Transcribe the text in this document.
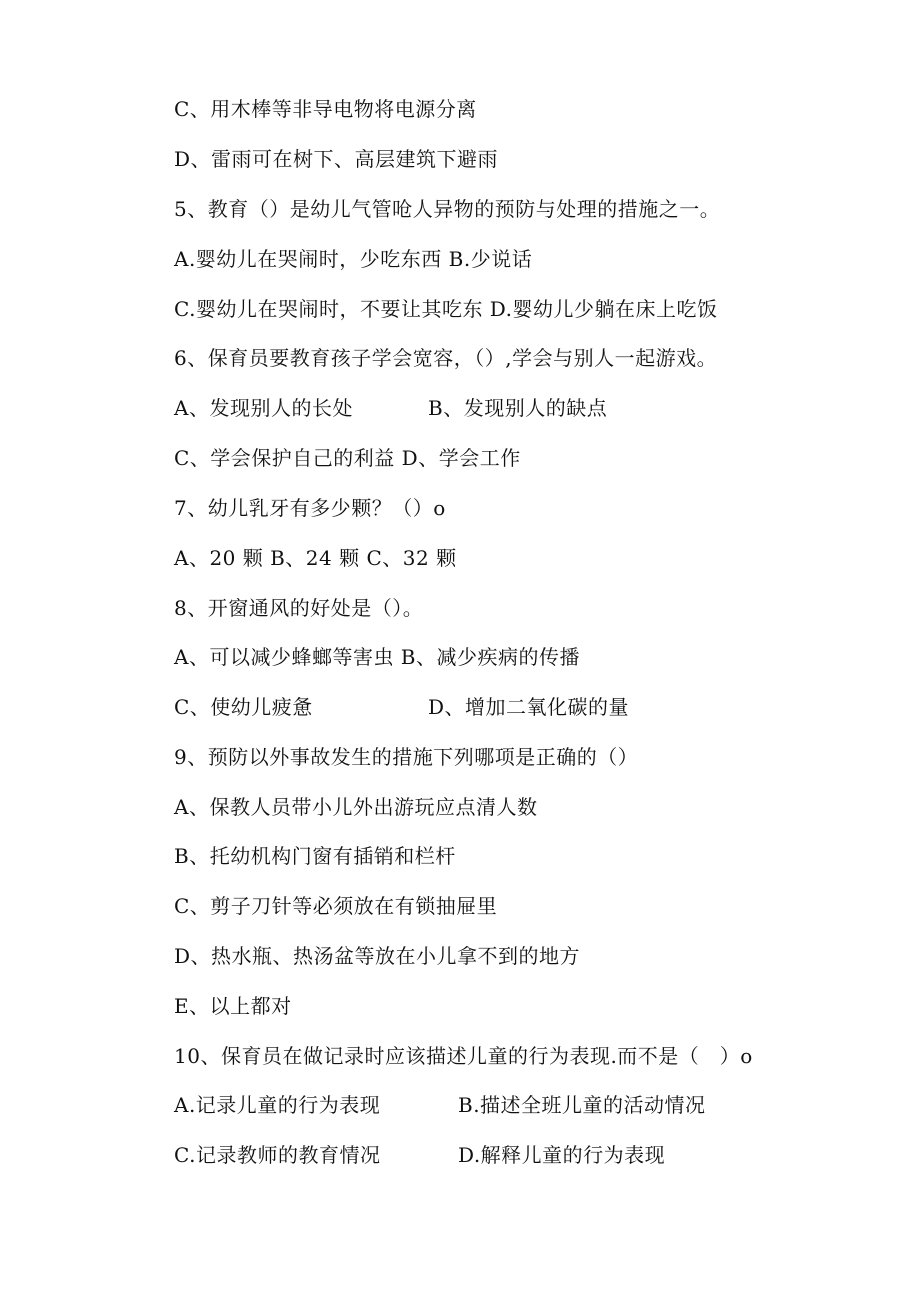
C、用木棒等非导电物将电源分离
D、雷雨可在树下、高层建筑下避雨
5、教育（）是幼儿气管呛人异物的预防与处理的措施之一。
A.婴幼儿在哭闹时，少吃东西 B.少说话
C.婴幼儿在哭闹时，不要让其吃东 D.婴幼儿少躺在床上吃饭
6、保育员要教育孩子学会宽容，（）,学会与别人一起游戏。
A、发现别人的长处	B、发现别人的缺点
C、学会保护自己的利益 D、学会工作
7、幼儿乳牙有多少颗？（）o
A、20 颗 B、24 颗 C、32 颗
8、开窗通风的好处是（）。
A、可以减少蜂螂等害虫 B、减少疾病的传播
C、使幼儿疲惫	D、增加二氧化碳的量
9、预防以外事故发生的措施下列哪项是正确的（）
A、保教人员带小儿外出游玩应点清人数
B、托幼机构门窗有插销和栏杆
C、剪子刀针等必须放在有锁抽屉里
D、热水瓶、热汤盆等放在小儿拿不到的地方
E、以上都对
10、保育员在做记录时应该描述儿童的行为表现.而不是（　）o
A.记录儿童的行为表现	B.描述全班儿童的活动情况
C.记录教师的教育情况	D.解释儿童的行为表现
